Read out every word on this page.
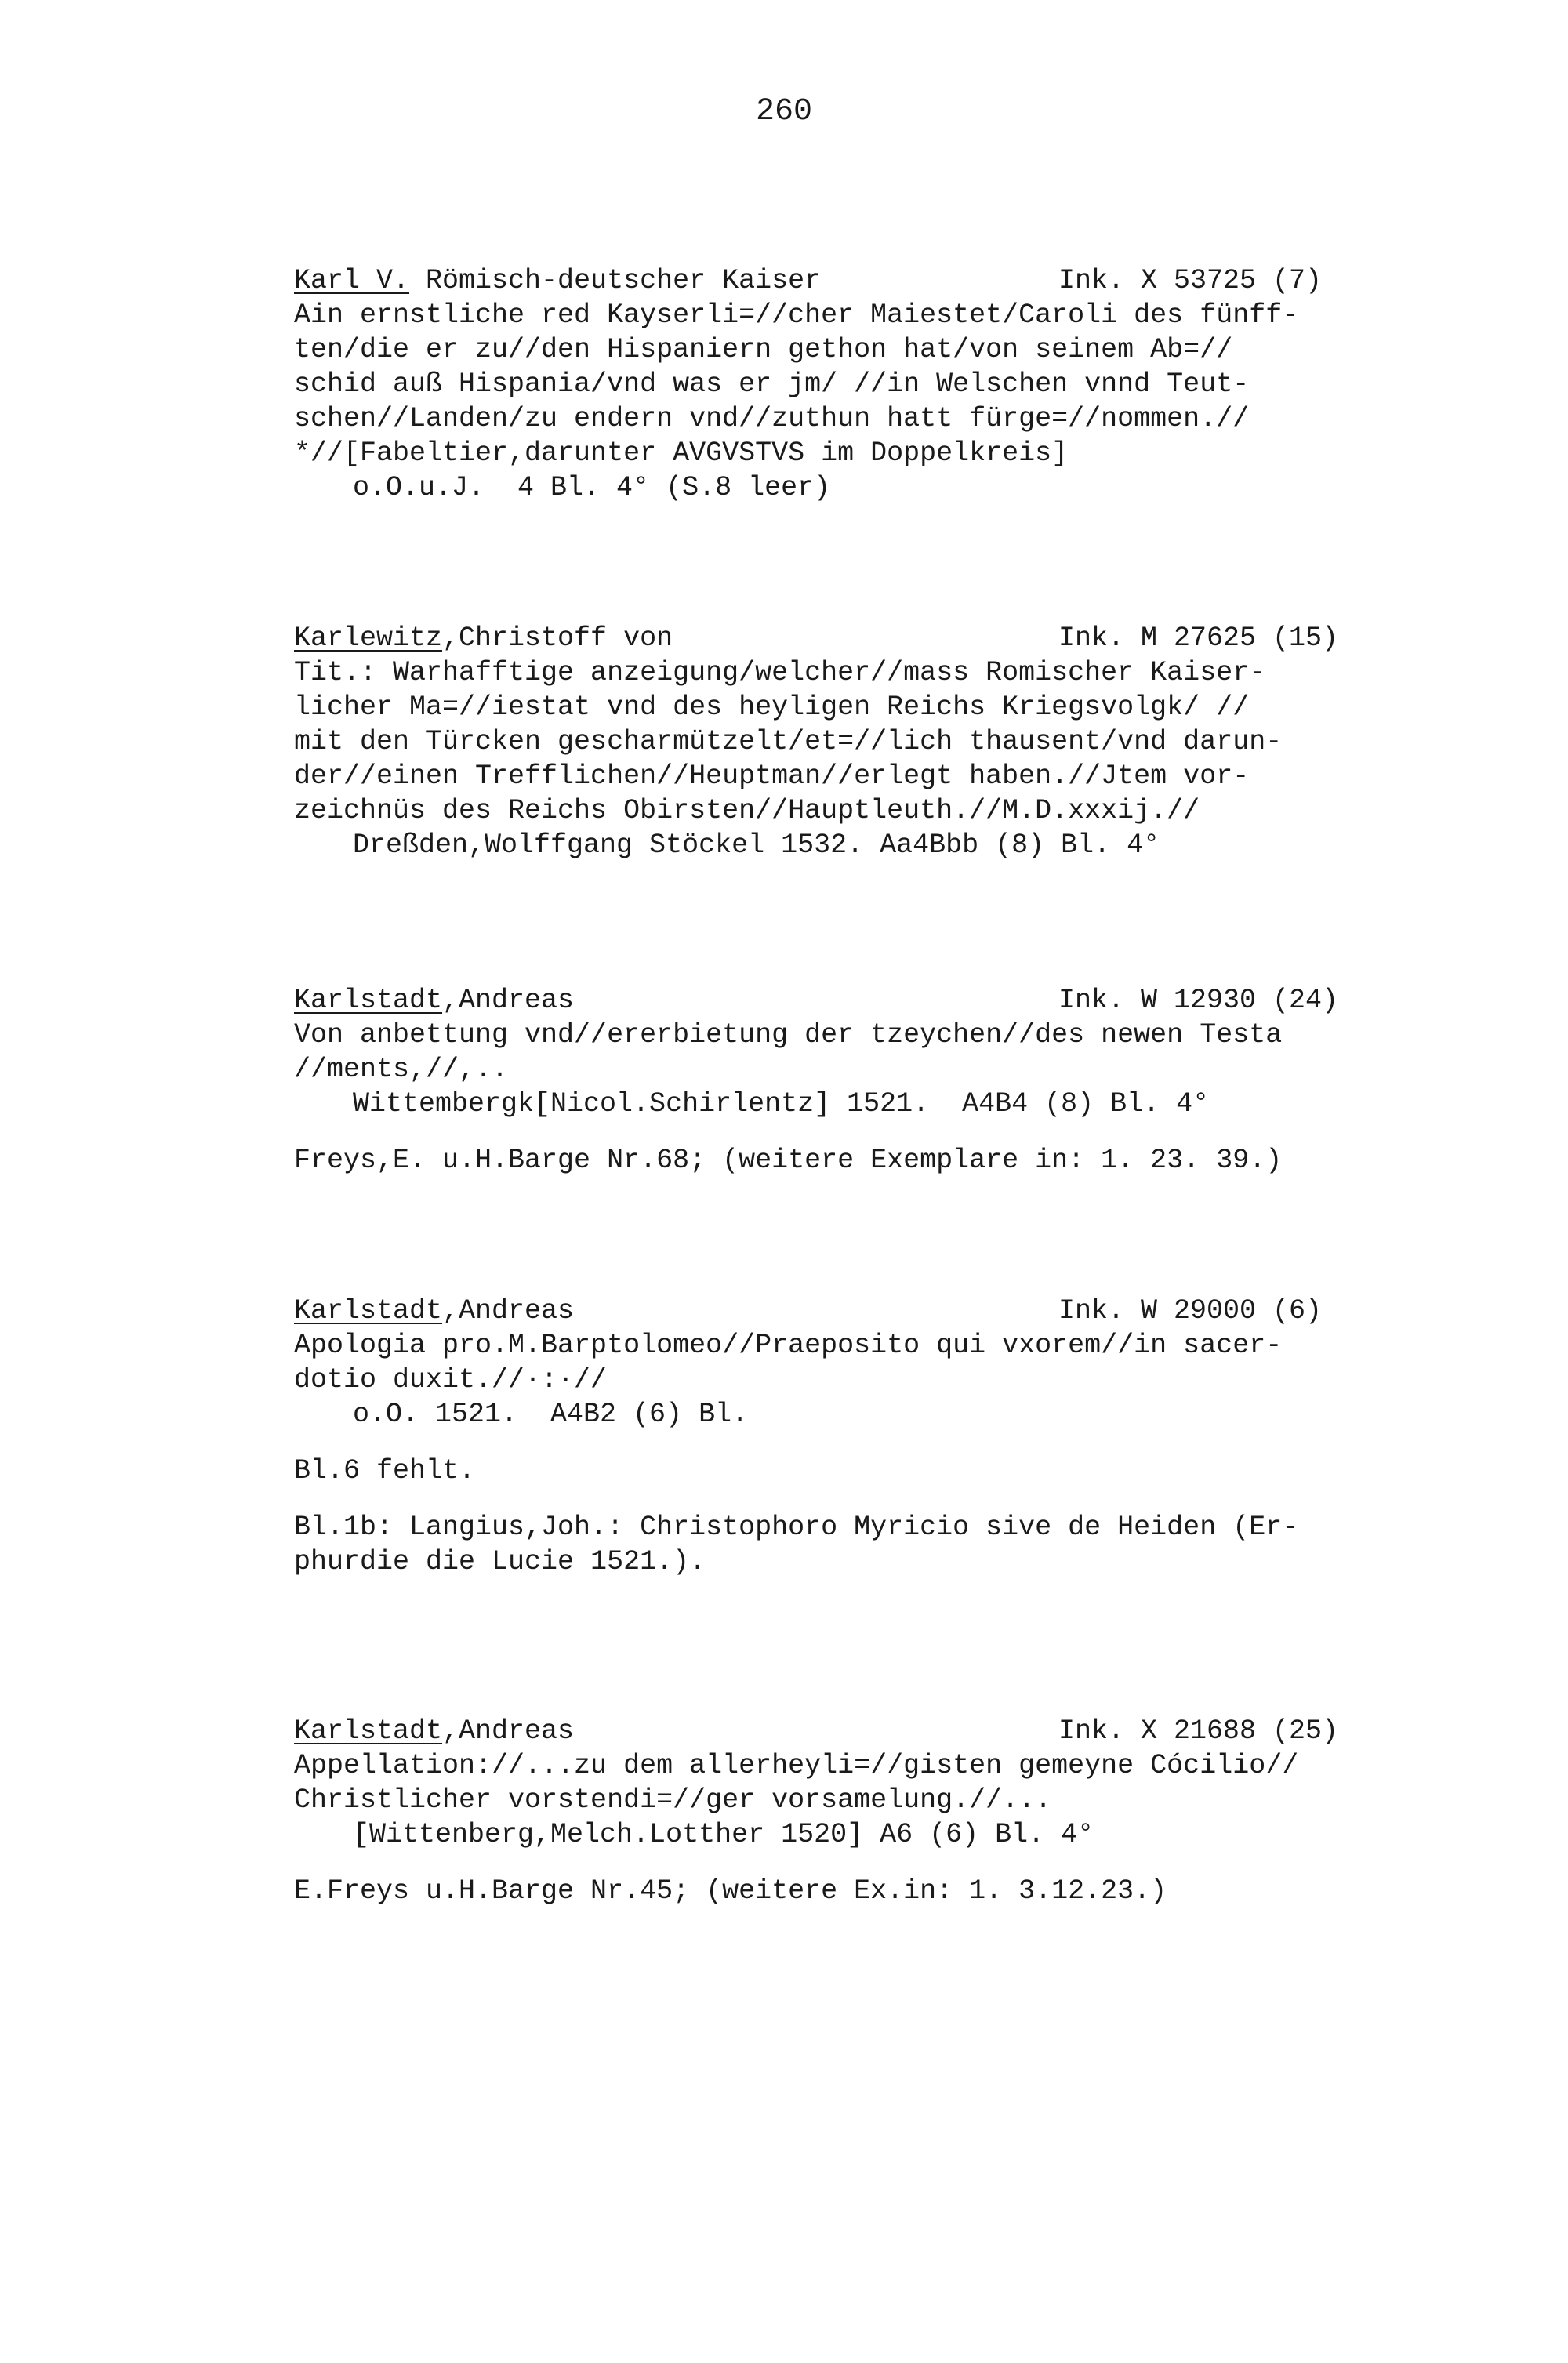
260
Karl V. Römisch-deutscher Kaiser	Ink. X 53725 (7)
Ain ernstliche red Kayserli=//cher Maiestet/Caroli des fünff-
ten/die er zu//den Hispaniern gethon hat/von seinem Ab=//
schid auß Hispania/vnd was er jm/ //in Welschen vnnd Teut-
schen//Landen/zu endern vnd//zuthun hatt fürge=//nommen.//
*//[Fabeltier,darunter AVGVSTVS im Doppelkreis]
o.O.u.J.  4 Bl. 4° (S.8 leer)
Karlewitz ,Christoff von	Ink. M 27625 (15)
Tit.: Warhafftige anzeigung/welcher//mass Romischer Kaiser-
licher Ma=//iestat vnd des heyligen Reichs Kriegsvolgk/ //
mit den Türcken gescharmützelt/et=//lich thausent/vnd darun-
der//einen Trefflichen//Heuptman//erlegt haben.//Jtem vor-
zeichnüs des Reichs Obirsten//Hauptleuth.//M.D.xxxij.//
Dreßden,Wolffgang Stöckel 1532. Aa4Bbb (8) Bl. 4°
Karlstadt ,Andreas	Ink. W 12930 (24)
Von anbettung vnd//ererbietung der tzeychen//des newen Testa
//ments,//,..
Wittembergk[Nicol.Schirlentz] 1521.  A4B4 (8) Bl. 4°
Freys,E. u.H.Barge Nr.68; (weitere Exemplare in: 1. 23. 39.)
Karlstadt ,Andreas	Ink. W 29000 (6)
Apologia pro.M.Barptolomeo//Praeposito qui vxorem//in sacer-
dotio duxit.//·:·//
o.O. 1521.  A4B2 (6) Bl.
Bl.6 fehlt.
Bl.1b: Langius,Joh.: Christophoro Myricio sive de Heiden (Er-
phurdie die Lucie 1521.).
Karlstadt ,Andreas	Ink. X 21688 (25)
Appellation://...zu dem allerheyli=//gisten gemeyne Cócilio//
Christlicher vorstendi=//ger vorsamelung.//...
[Wittenberg,Melch.Lotther 1520] A6 (6) Bl. 4°
E.Freys u.H.Barge Nr.45; (weitere Ex.in: 1. 3.12.23.)
